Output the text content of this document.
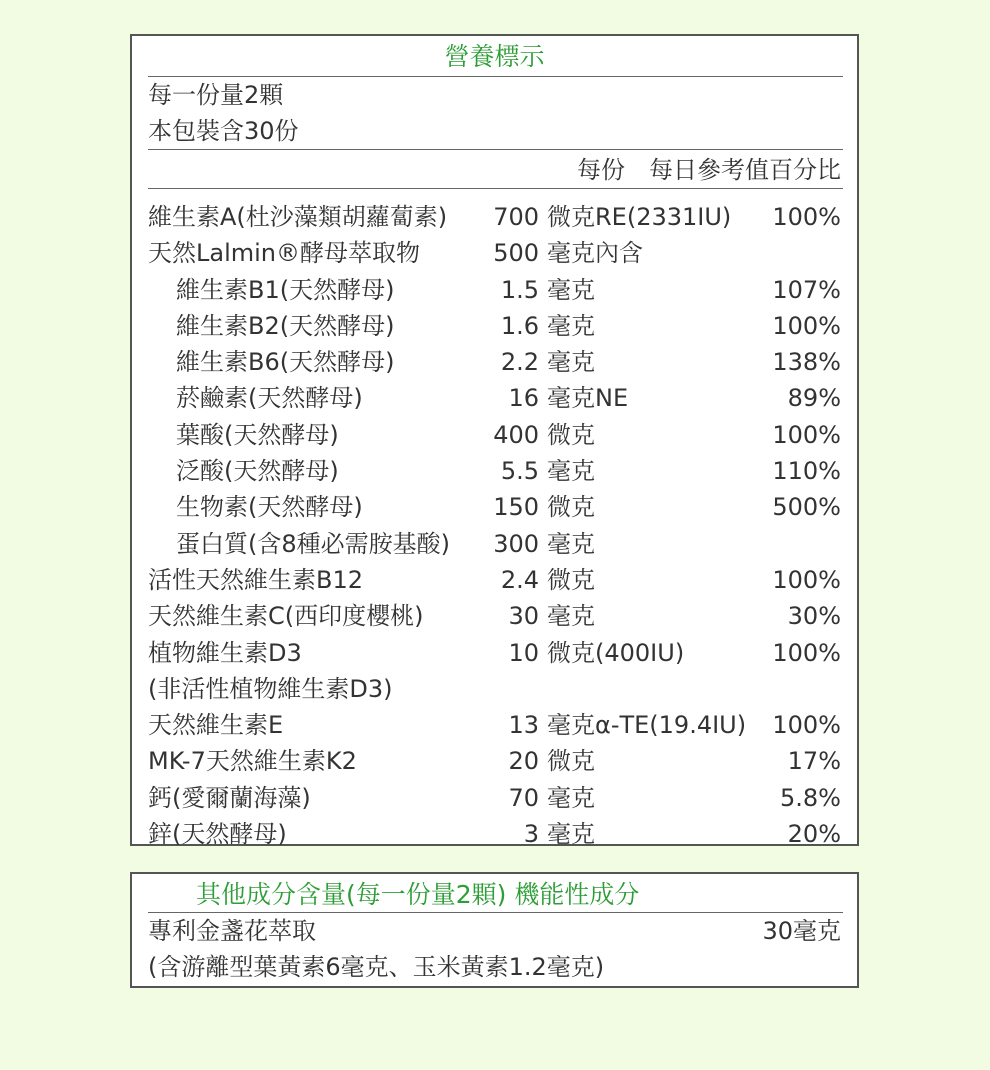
營養標示
每一份量2顆
本包裝含30份
每份 每日參考值百分比
維生素A(杜沙藻類胡蘿蔔素) 700 微克RE(2331IU) 100%
天然Lalmin®酵母萃取物	500 毫克內含
維生素B1(天然酵母)	1.5 毫克	107%
維生素B2(天然酵母)	1.6 毫克	100%
維生素B6(天然酵母)	2.2 毫克	138%
菸鹼素(天然酵母)	16 毫克NE	89%
葉酸(天然酵母)	400 微克	100%
泛酸(天然酵母)	5.5 毫克	110%
生物素(天然酵母)	150 微克	500%
蛋白質(含8種必需胺基酸) 300 毫克
活性天然維生素B12	2.4 微克	100%
天然維生素C(西印度櫻桃)	30 毫克	30%
植物維生素D3	10 微克(400IU)	100%
(非活性植物維生素D3)
天然維生素E	13 毫克α-TE(19.4IU) 100%
MK-7天然維生素K2	20 微克	17%
鈣(愛爾蘭海藻)	70 毫克	5.8%
鋅(天然酵母)	3 毫克	20%
其他成分含量(每一份量2顆) 機能性成分
專利金盞花萃取	30毫克
(含游離型葉黃素6毫克、玉米黃素1.2毫克)
